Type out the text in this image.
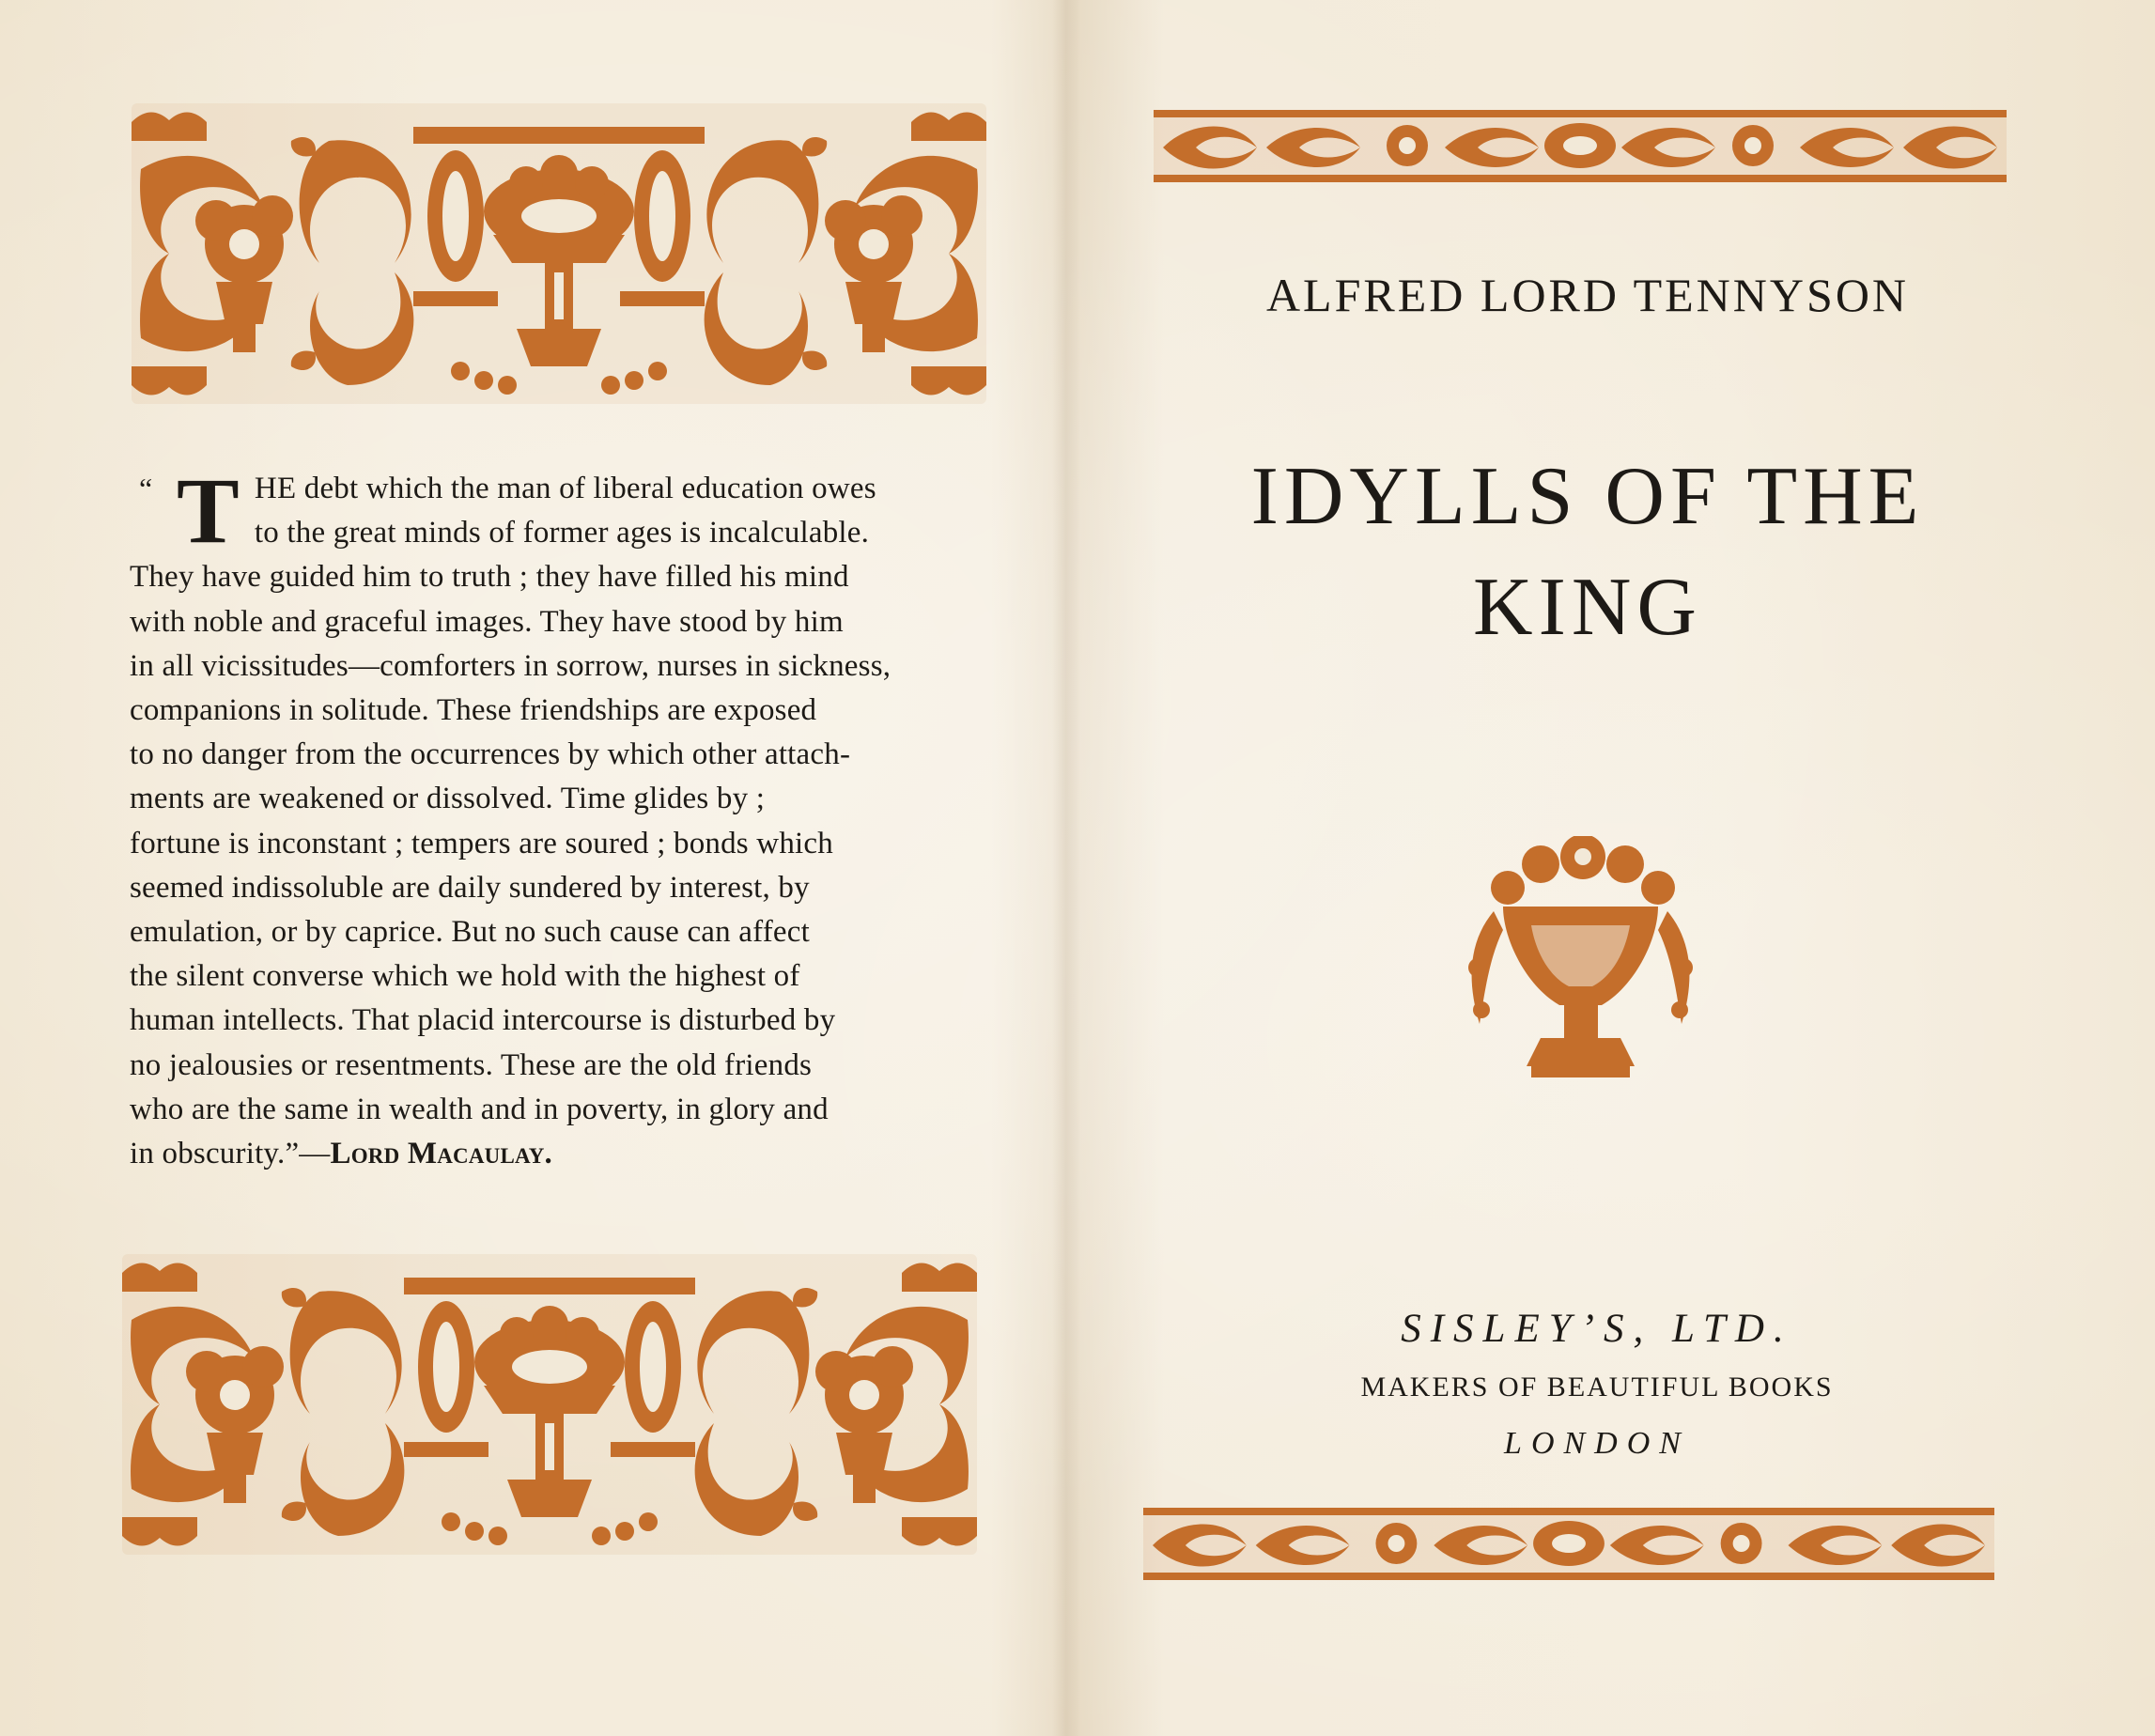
“ T HE debt which the man of liberal education owes
to the great minds of former ages is incalculable.
They have guided him to truth ; they have filled his mind
with noble and graceful images. They have stood by him
in all vicissitudes—comforters in sorrow, nurses in sickness,
companions in solitude. These friendships are exposed
to no danger from the occurrences by which other attach-
ments are weakened or dissolved. Time glides by ;
fortune is inconstant ; tempers are soured ; bonds which
seemed indissoluble are daily sundered by interest, by
emulation, or by caprice. But no such cause can affect
the silent converse which we hold with the highest of
human intellects. That placid intercourse is disturbed by
no jealousies or resentments. These are the old friends
who are the same in wealth and in poverty, in glory and
in obscurity.”—Lord Macaulay.
ALFRED LORD TENNYSON
IDYLLS OF THE
KING
SISLEY’S, LTD.
MAKERS OF BEAUTIFUL BOOKS
LONDON
